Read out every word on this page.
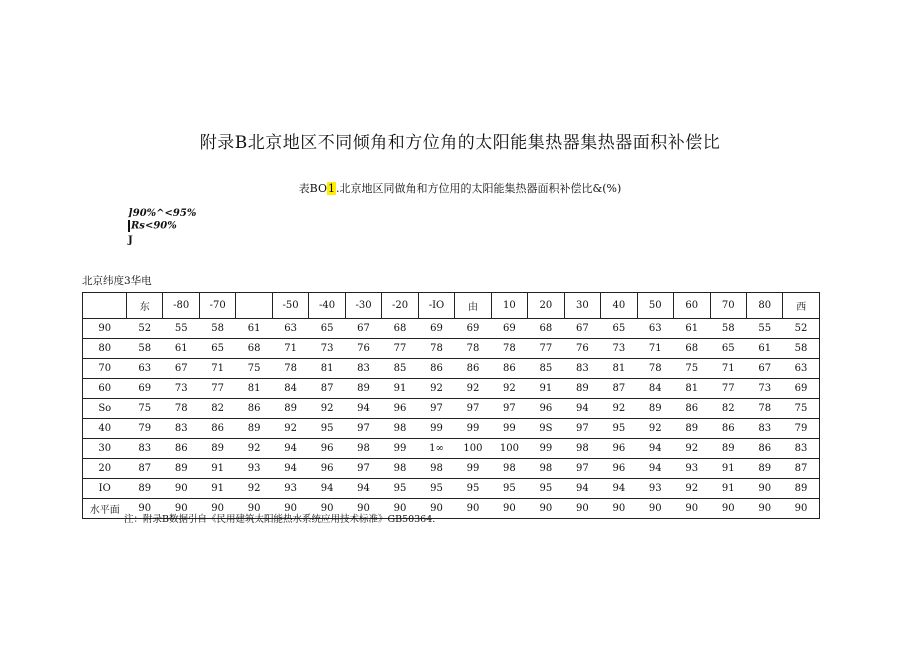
附录B北京地区不同倾角和方位角的太阳能集热器集热器面积补偿比
表BO1.北京地区同做角和方位用的太阳能集热器面积补偿比&(%)
]90%^<95%
Rs<90%
J
北京纬度3华电
	东	-80	-70		-50	-40	-30	-20	-IO	由	10	20	30	40	50	60	70	80	西
90	52	55	58	61	63	65	67	68	69	69	69	68	67	65	63	61	58	55	52
80	58	61	65	68	71	73	76	77	78	78	78	77	76	73	71	68	65	61	58
70	63	67	71	75	78	81	83	85	86	86	86	85	83	81	78	75	71	67	63
60	69	73	77	81	84	87	89	91	92	92	92	91	89	87	84	81	77	73	69
So	75	78	82	86	89	92	94	96	97	97	97	96	94	92	89	86	82	78	75
40	79	83	86	89	92	95	97	98	99	99	99	9S	97	95	92	89	86	83	79
30	83	86	89	92	94	96	98	99	1∞	100	100	99	98	96	94	92	89	86	83
20	87	89	91	93	94	96	97	98	98	99	98	98	97	96	94	93	91	89	87
IO	89	90	91	92	93	94	94	95	95	95	95	95	94	94	93	92	91	90	89
水平面	90	90	90	90	90	90	90	90	90	90	90	90	90	90	90	90	90	90	90
注：附录B数据引自《民用建筑太阳能热水系统应用技术标准》GB50364.
